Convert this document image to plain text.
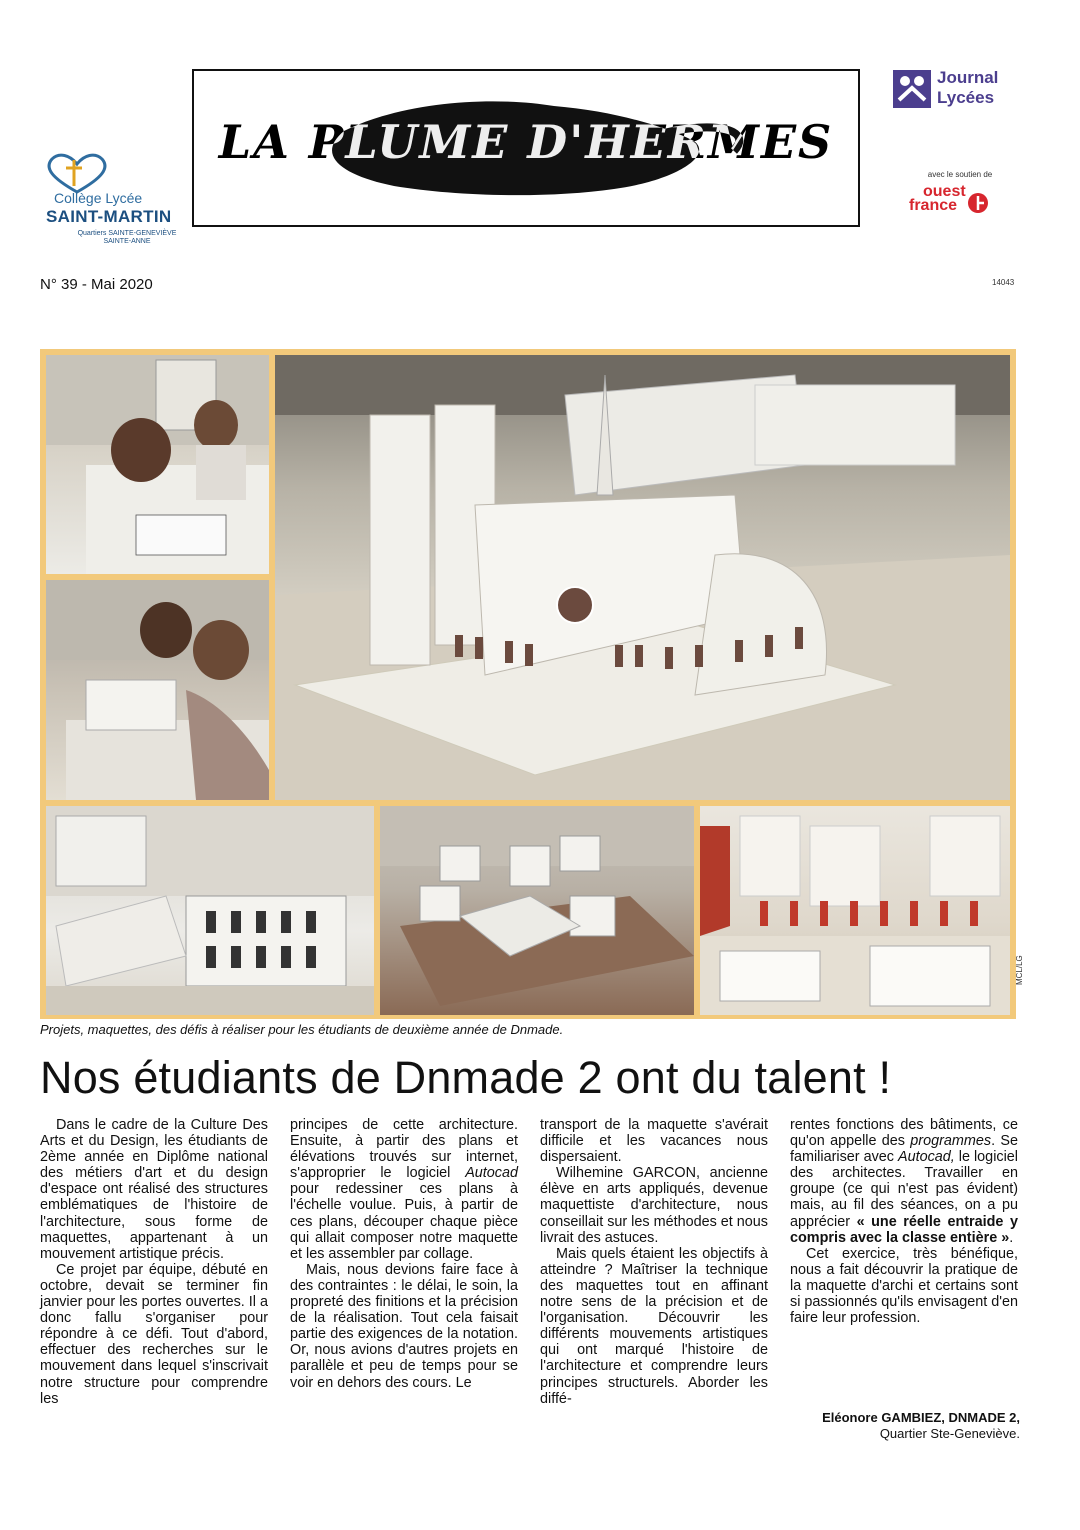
Collège Lycée
SAINT-MARTIN
Quartiers SAINTE-GENEVIÈVE SAINTE-ANNE
LA PLUME D'HERMES
Journal
Lycées
avec le soutien de
ouest
france
N° 39 - Mai 2020	14043
MCL/LG
Projets, maquettes, des défis à réaliser pour les étudiants de deuxième année de Dnmade.
Nos étudiants de Dnmade 2 ont du talent !

Dans le cadre de la Culture Des Arts et du Design, les étudiants de 2ème année en Diplôme national des métiers d'art et du design d'espace ont réalisé des structures emblématiques de l'histoire de l'architecture, sous forme de maquettes, appartenant à un mouvement artistique précis.

Ce projet par équipe, débuté en octobre, devait se terminer fin janvier pour les portes ouvertes. Il a donc fallu s'organiser pour répondre à ce défi. Tout d'abord, effectuer des recherches sur le mouvement dans lequel s'inscrivait notre structure pour comprendre les

principes de cette architecture. Ensuite, à partir des plans et élévations trouvés sur internet, s'approprier le logiciel Autocad pour redessiner ces plans à l'échelle voulue. Puis, à partir de ces plans, découper chaque pièce qui allait composer notre maquette et les assembler par collage.

Mais, nous devions faire face à des contraintes : le délai, le soin, la propreté des finitions et la précision de la réalisation. Tout cela faisait partie des exigences de la notation. Or, nous avions d'autres projets en parallèle et peu de temps pour se voir en dehors des cours. Le

transport de la maquette s'avérait difficile et les vacances nous dispersaient.

Wilhemine GARCON, ancienne élève en arts appliqués, devenue maquettiste d'architecture, nous conseillait sur les méthodes et nous livrait des astuces.

Mais quels étaient les objectifs à atteindre ? Maîtriser la technique des maquettes tout en affinant notre sens de la précision et de l'organisation. Découvrir les différents mouvements artistiques qui ont marqué l'histoire de l'architecture et comprendre leurs principes structurels. Aborder les diffé-

rentes fonctions des bâtiments, ce qu'on appelle des programmes. Se familiariser avec Autocad, le logiciel des architectes. Travailler en groupe (ce qui n'est pas évident) mais, au fil des séances, on a pu apprécier « une réelle entraide y compris avec la classe entière ».

Cet exercice, très bénéfique, nous a fait découvrir la pratique de la maquette d'archi et certains sont si passionnés qu'ils envisagent d'en faire leur profession.

Eléonore GAMBIEZ, DNMADE 2,
Quartier Ste-Geneviève.
